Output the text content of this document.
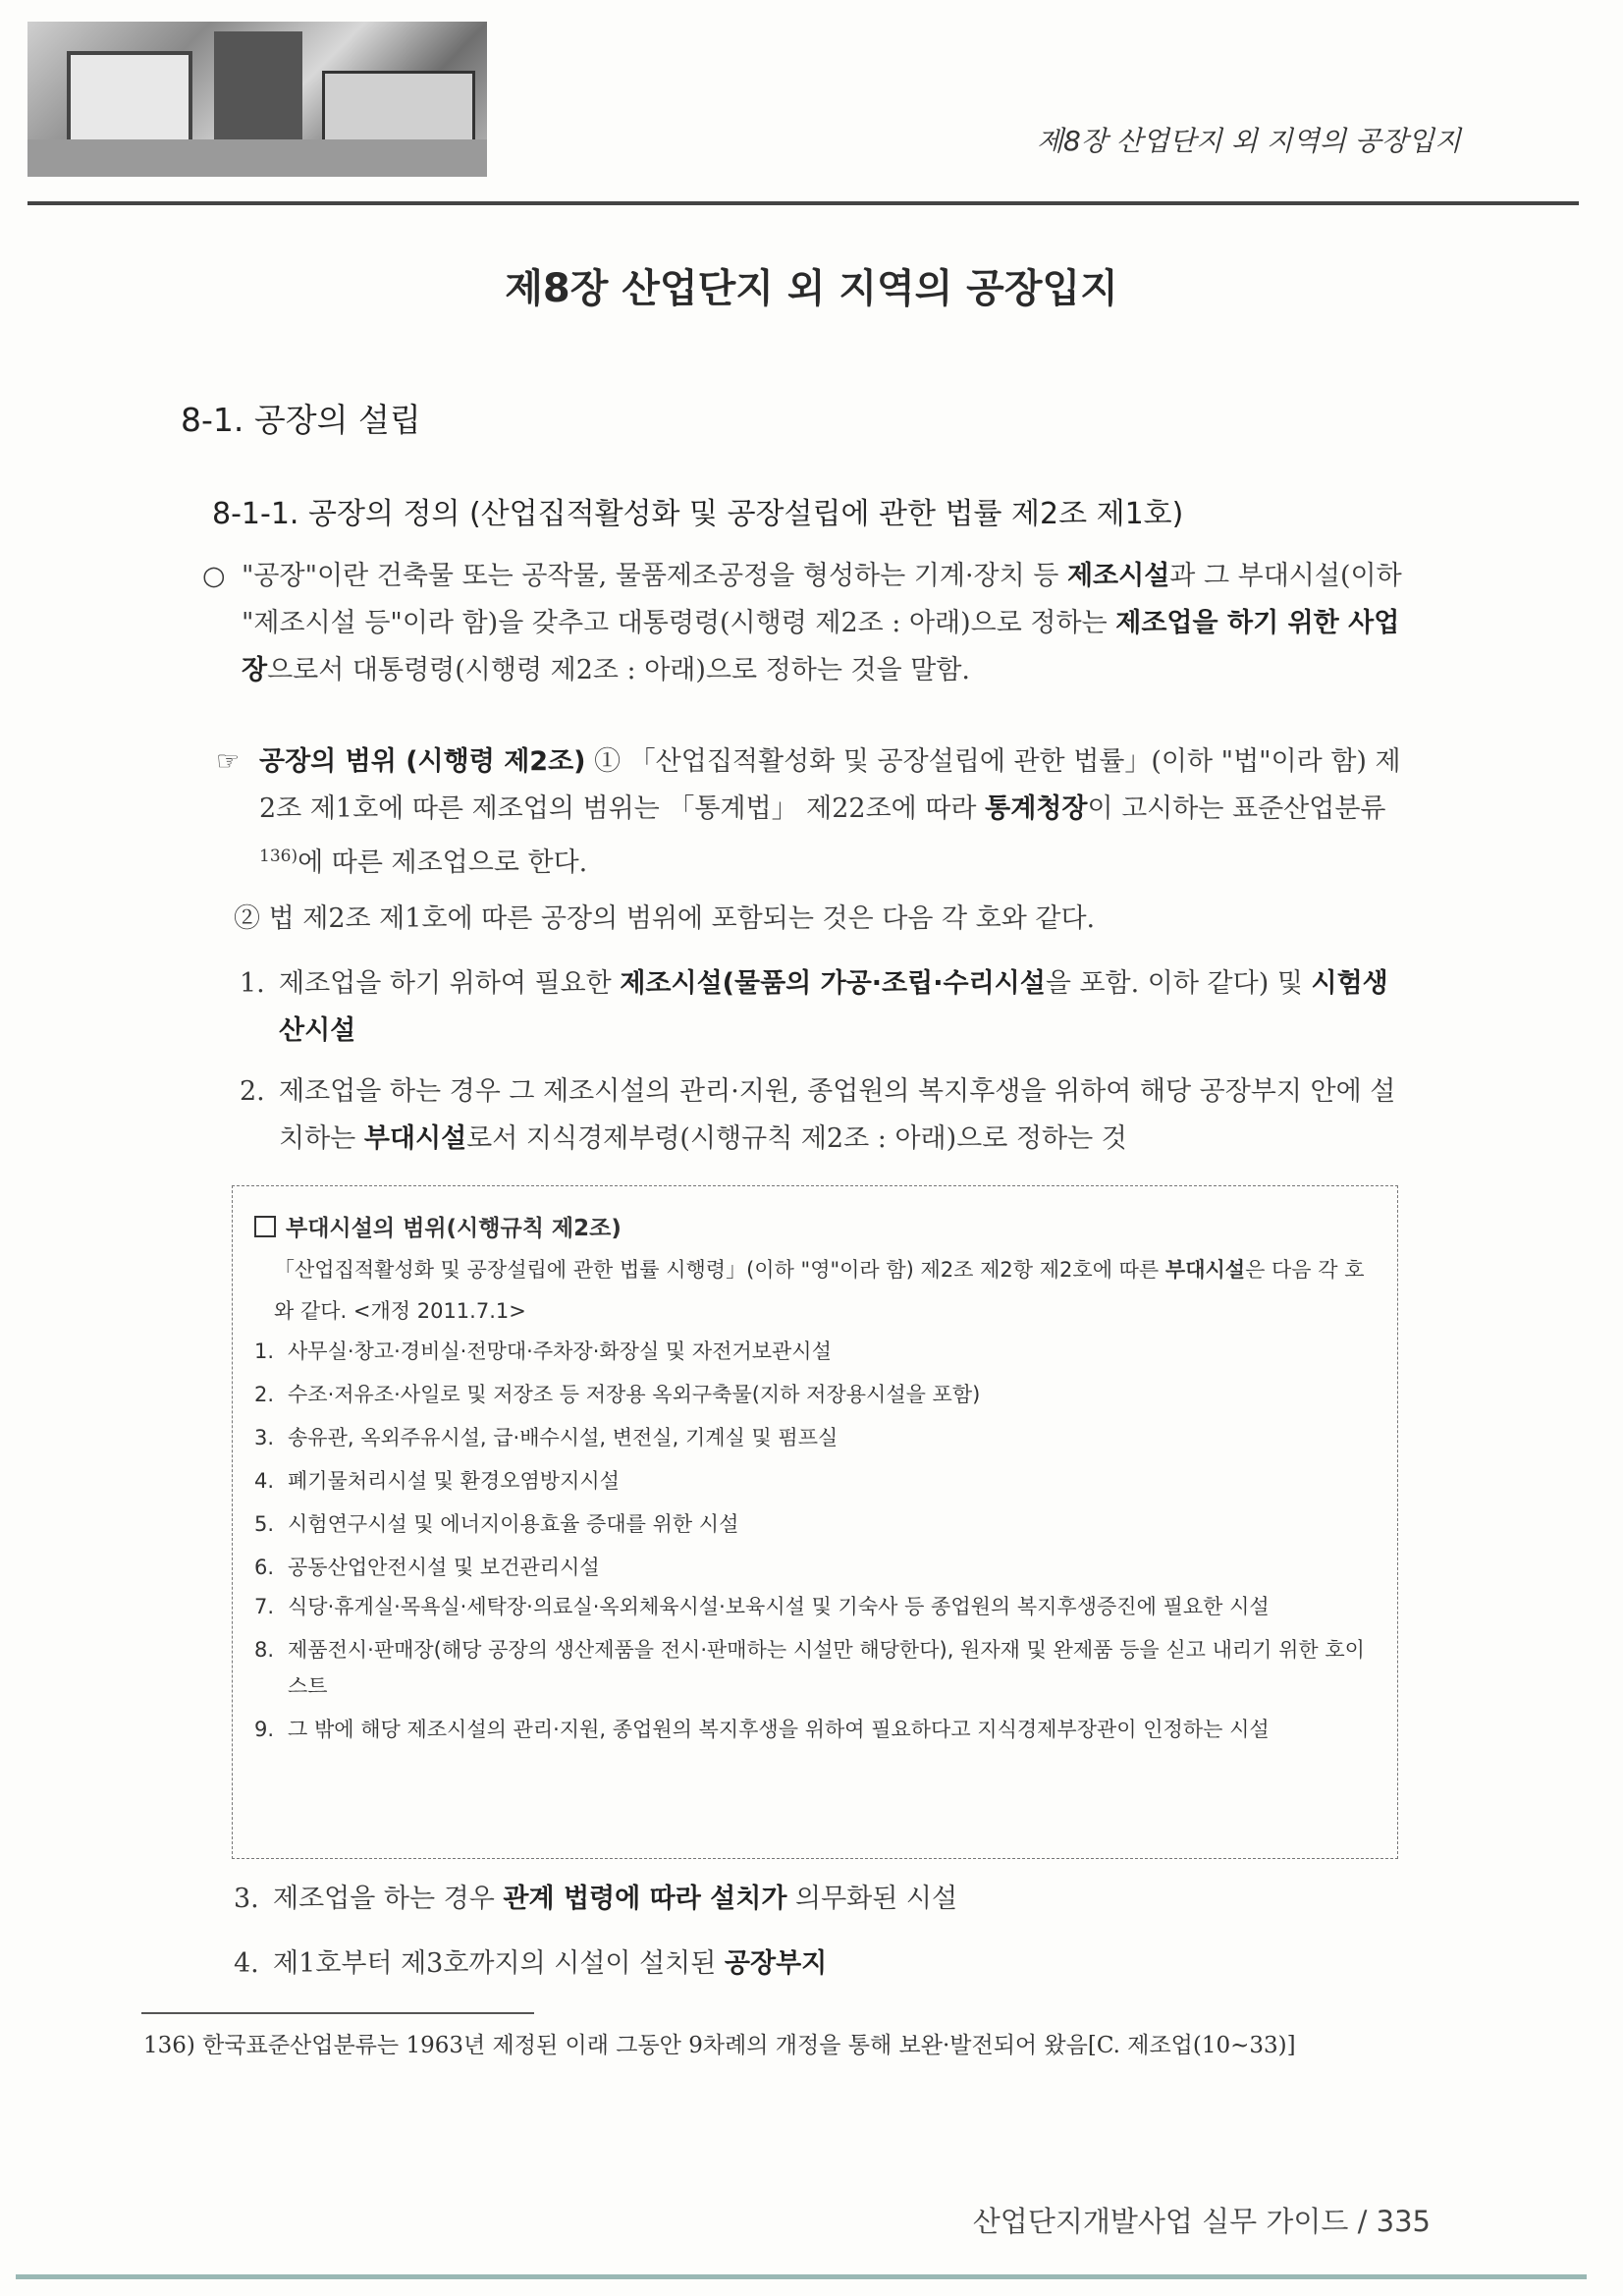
제8장 산업단지 외 지역의 공장입지
제8장 산업단지 외 지역의 공장입지
8-1. 공장의 설립
8-1-1. 공장의 정의 (산업집적활성화 및 공장설립에 관한 법률 제2조 제1호)
○ "공장"이란 건축물 또는 공작물, 물품제조공정을 형성하는 기계·장치 등 제조시설과 그 부대시설(이하 "제조시설 등"이라 함)을 갖추고 대통령령(시행령 제2조 : 아래)으로 정하는 제조업을 하기 위한 사업장으로서 대통령령(시행령 제2조 : 아래)으로 정하는 것을 말함.
☞ 공장의 범위 (시행령 제2조) ① 「산업집적활성화 및 공장설립에 관한 법률」(이하 "법"이라 함) 제2조 제1호에 따른 제조업의 범위는 「통계법」 제22조에 따라 통계청장이 고시하는 표준산업분류$^{136)}$에 따른 제조업으로 한다.
② 법 제2조 제1호에 따른 공장의 범위에 포함되는 것은 다음 각 호와 같다.
1. 제조업을 하기 위하여 필요한 제조시설(물품의 가공·조립·수리시설을 포함. 이하 같다) 및 시험생산시설
2. 제조업을 하는 경우 그 제조시설의 관리·지원, 종업원의 복지후생을 위하여 해당 공장부지 안에 설치하는 부대시설로서 지식경제부령(시행규칙 제2조 : 아래)으로 정하는 것
부대시설의 범위(시행규칙 제2조)
「산업집적활성화 및 공장설립에 관한 법률 시행령」(이하 "영"이라 함) 제2조 제2항 제2호에 따른 부대시설은 다음 각 호와 같다. <개정 2011.7.1>
1. 사무실·창고·경비실·전망대·주차장·화장실 및 자전거보관시설
2. 수조·저유조·사일로 및 저장조 등 저장용 옥외구축물(지하 저장용시설을 포함)
3. 송유관, 옥외주유시설, 급·배수시설, 변전실, 기계실 및 펌프실
4. 폐기물처리시설 및 환경오염방지시설
5. 시험연구시설 및 에너지이용효율 증대를 위한 시설
6. 공동산업안전시설 및 보건관리시설
7. 식당·휴게실·목욕실·세탁장·의료실·옥외체육시설·보육시설 및 기숙사 등 종업원의 복지후생증진에 필요한 시설
8. 제품전시·판매장(해당 공장의 생산제품을 전시·판매하는 시설만 해당한다), 원자재 및 완제품 등을 싣고 내리기 위한 호이스트
9. 그 밖에 해당 제조시설의 관리·지원, 종업원의 복지후생을 위하여 필요하다고 지식경제부장관이 인정하는 시설
3. 제조업을 하는 경우 관계 법령에 따라 설치가 의무화된 시설
4. 제1호부터 제3호까지의 시설이 설치된 공장부지
136) 한국표준산업분류는 1963년 제정된 이래 그동안 9차례의 개정을 통해 보완·발전되어 왔음[C. 제조업(10~33)]
산업단지개발사업 실무 가이드 / 335
